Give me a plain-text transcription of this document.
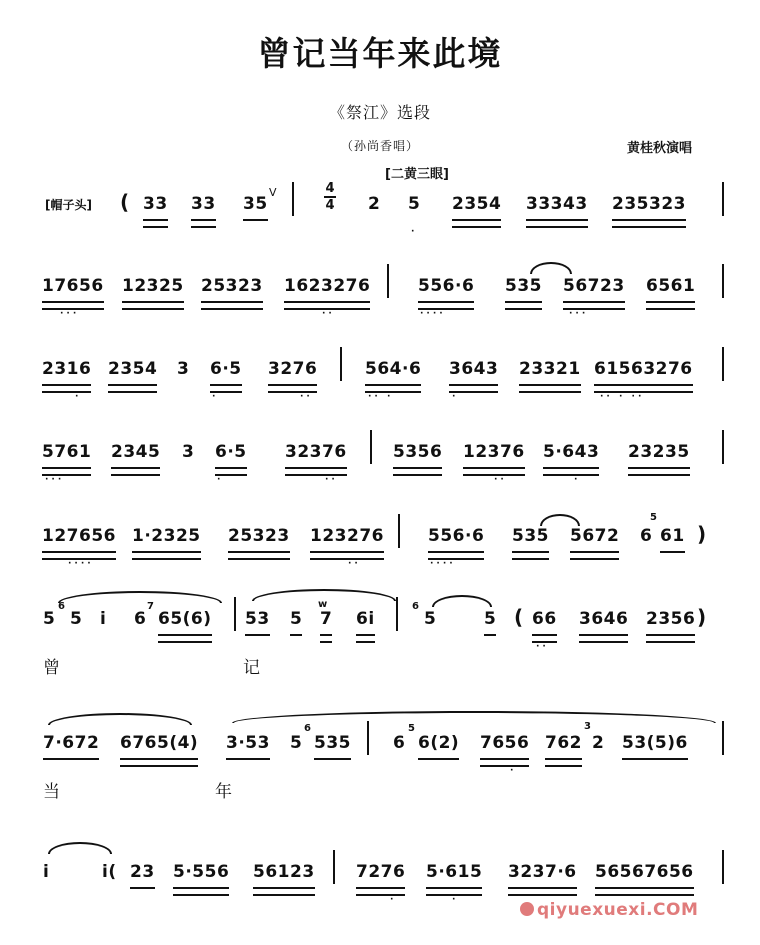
曾记当年来此境
《祭江》选段
（孙尚香唱）	黄桂秋演唱
[二黄三眼]
[帽子头] ( 33 33 35
V	4
4 2 5
·
2354 33343 235323
17656
···
12325 25323 1623276
··
556·6
····
535 56723
···
6561
2316
·
2354 3 6·5
·
3276
··
564·6
·· ·
3643
·
23321 61563276
·· · ··
5761
···
2345 3 6·5
·
32376
··
5356 12376
··
5·643
·
23235
127656
····
1·2325 25323 123276
··
556·6
····
535 5672
5
6 61 )
5
6
5 i 6
7
65(6) 53 5
w
7 6i
6
5	5 ( 66
··
3646 2356 )
曾	记
7·672 6765(4) 3·53 5
6
535 6
5
6(2) 7656
·
762
3
2 53(5)6
当	年
i	i( 23 5·556 56123 7276
·
5·615
·
3237·6 56567656
qiyuexuexi.COM
